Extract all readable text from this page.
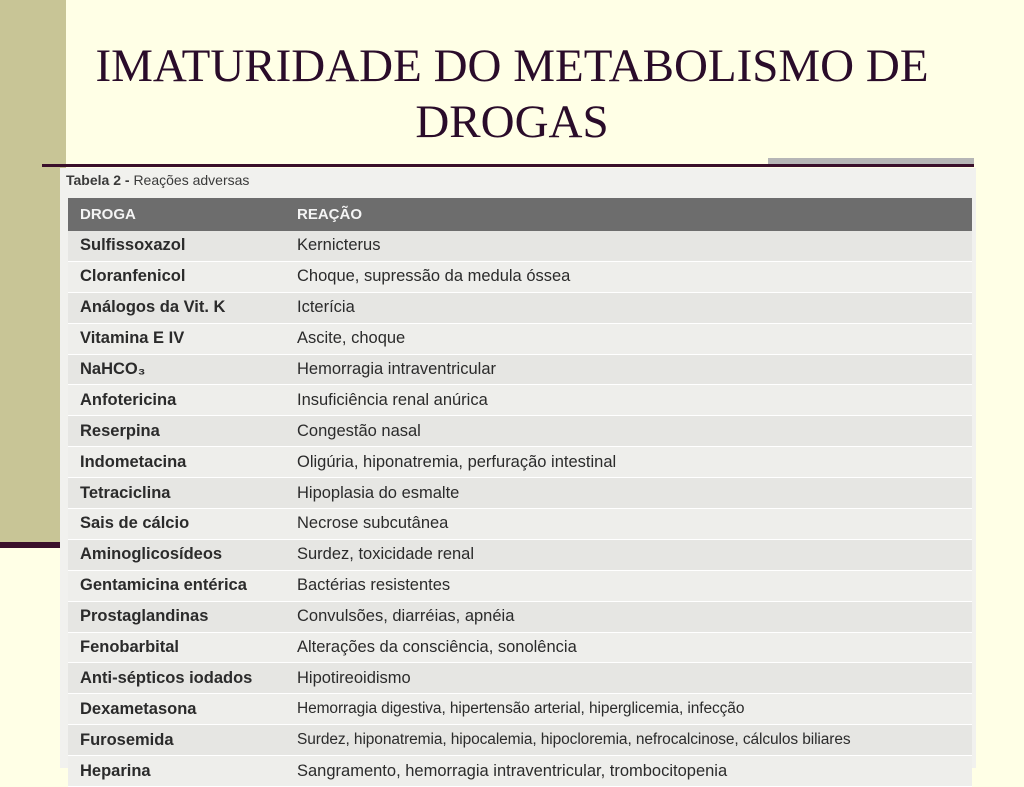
IMATURIDADE DO METABOLISMO DE DROGAS
Tabela 2 - Reações adversas
DROGA	REAÇÃO
Sulfissoxazol	Kernicterus
Cloranfenicol	Choque, supressão da medula óssea
Análogos da Vit. K	Icterícia
Vitamina E IV	Ascite, choque
NaHCO₃	Hemorragia intraventricular
Anfotericina	Insuficiência renal anúrica
Reserpina	Congestão nasal
Indometacina	Oligúria, hiponatremia, perfuração intestinal
Tetraciclina	Hipoplasia do esmalte
Sais de cálcio	Necrose subcutânea
Aminoglicosídeos	Surdez, toxicidade renal
Gentamicina entérica	Bactérias resistentes
Prostaglandinas	Convulsões, diarréias, apnéia
Fenobarbital	Alterações da consciência, sonolência
Anti-sépticos iodados	Hipotireoidismo
Dexametasona	Hemorragia digestiva, hipertensão arterial, hiperglicemia, infecção
Furosemida	Surdez, hiponatremia, hipocalemia, hipocloremia, nefrocalcinose, cálculos biliares
Heparina	Sangramento, hemorragia intraventricular, trombocitopenia
